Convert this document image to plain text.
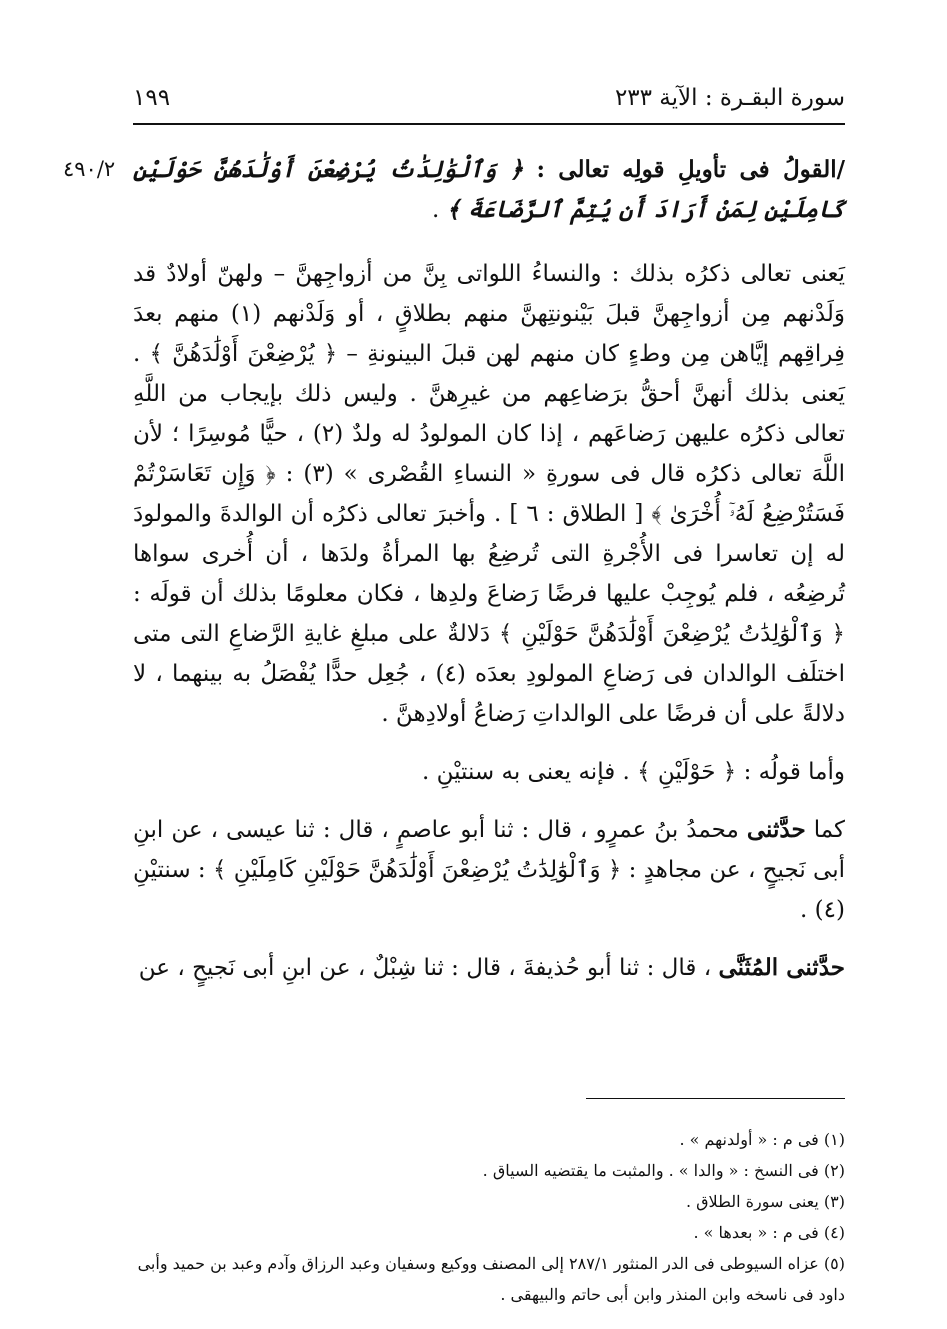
سورة البقـرة : الآية ٢٣٣
١٩٩
٤٩٠/٢	/القولُ فى تأويلِ قولِه تعالى : ﴿ وَٱلْوَٰلِدَٰتُ يُرْضِعْنَ أَوْلَٰدَهُنَّ حَوْلَيْنِ كَامِلَيْنِ لِمَنْ أَرَادَ أَن يُتِمَّ ٱلرَّضَاعَةَ ﴾ .

يَعنى تعالى ذكرُه بذلك : والنساءُ اللواتى بِنَّ من أزواجِهنَّ – ولهنّ أولادٌ قد وَلَدْنهم مِن أزواجِهنَّ قبلَ بَيْنونتِهنَّ منهم بطلاقٍ ، أو وَلَدْنهم (١) منهم بعدَ فِراقِهم إيَّاهن مِن وطءٍ كان منهم لهن قبلَ البينونةِ – ﴿ يُرْضِعْنَ أَوْلَٰدَهُنَّ ﴾ . يَعنى بذلك أنهنَّ أحقُّ برَضاعِهم من غيرِهنَّ . وليس ذلك بإيجاب من اللَّهِ تعالى ذكرُه عليهن رَضاعَهم ، إذا كان المولودُ له ولدٌ (٢) ، حيًّا مُوسِرًا ؛ لأن اللَّهَ تعالى ذكرُه قال فى سورةِ « النساءِ القُصْرى » (٣) : ﴿ وَإِن تَعَاسَرْتُمْ فَسَتُرْضِعُ لَهُۥٓ أُخْرَىٰ ﴾ [ الطلاق : ٦ ] . وأخبرَ تعالى ذكرُه أن الوالدةَ والمولودَ له إن تعاسرا فى الأُجْرةِ التى تُرضِعُ بها المرأةُ ولدَها ، أن أُخرى سواها تُرضِعُه ، فلم يُوجِبْ عليها فرضًا رَضاعَ ولدِها ، فكان معلومًا بذلك أن قولَه : ﴿ وَٱلْوَٰلِدَٰتُ يُرْضِعْنَ أَوْلَٰدَهُنَّ حَوْلَيْنِ ﴾ دَلالةٌ على مبلغِ غايةِ الرَّضاعِ التى متى اختلَف الوالدان فى رَضاعِ المولودِ بعدَه (٤) ، جُعِل حدًّا يُفْصَلُ به بينهما ، لا دلالةً على أن فرضًا على الوالداتِ رَضاعُ أولادِهنَّ .

وأما قولُه : ﴿ حَوْلَيْنِ ﴾ . فإنه يعنى به سنتيْنِ .

كما حدَّثنى محمدُ بنُ عمرٍو ، قال : ثنا أبو عاصمٍ ، قال : ثنا عيسى ، عن ابنِ أبى نَجيحٍ ، عن مجاهدٍ : ﴿ وَٱلْوَٰلِدَٰتُ يُرْضِعْنَ أَوْلَٰدَهُنَّ حَوْلَيْنِ كَامِلَيْنِ ﴾ : سنتيْنِ (٤) .

حدَّثنى المُثَنَّى ، قال : ثنا أبو حُذيفةَ ، قال : ثنا شِبْلٌ ، عن ابنِ أبى نَجيحٍ ، عن

(١) فى م : « أولدنهم » .

(٢) فى النسخ : « والدا » . والمثبت ما يقتضيه السياق .

(٣) يعنى سورة الطلاق .

(٤) فى م : « بعدها » .

(٥) عزاه السيوطى فى الدر المنثور ٢٨٧/١ إلى المصنف ووكيع وسفيان وعبد الرزاق وآدم وعبد بن حميد وأبى داود فى ناسخه وابن المنذر وابن أبى حاتم والبيهقى .
